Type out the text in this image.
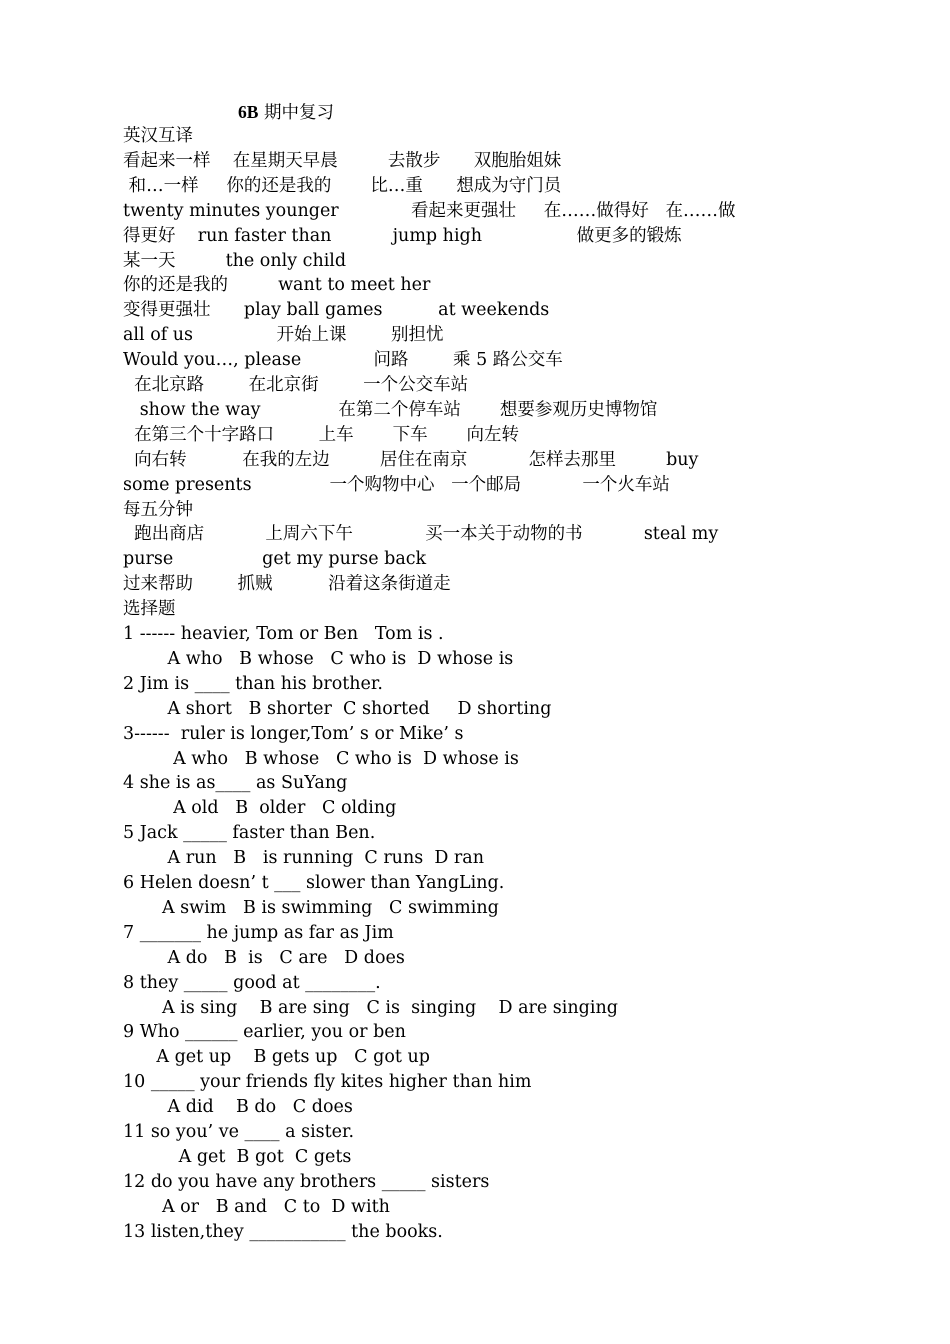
6B 期中复习
英汉互译
看起来一样    在星期天早晨         去散步      双胞胎姐妹
和…一样     你的还是我的       比…重      想成为守门员
twenty minutes younger             看起来更强壮     在……做得好   在……做
得更好    run faster than           jump high                 做更多的锻炼
某一天         the only child
你的还是我的         want to meet her
变得更强壮      play ball games          at weekends
all of us               开始上课        别担忧
Would you…, please             问路        乘 5 路公交车
在北京路        在北京街        一个公交车站
show the way              在第二个停车站       想要参观历史博物馆
在第三个十字路口        上车       下车       向左转
向右转          在我的左边         居住在南京           怎样去那里         buy
some presents              一个购物中心   一个邮局           一个火车站
每五分钟
跑出商店           上周六下午             买一本关于动物的书           steal my
purse                get my purse back
过来帮助        抓贼          沿着这条街道走
选择题
1 ------ heavier, Tom or Ben   Tom is .
A who   B whose   C who is  D whose is
2 Jim is ____ than his brother.
A short   B shorter  C shorted     D shorting
3------  ruler is longer,Tom’ s or Mike’ s
A who   B whose   C who is  D whose is
4 she is as____ as SuYang
A old   B  older   C olding
5 Jack _____ faster than Ben.
A run   B   is running  C runs  D ran
6 Helen doesn’ t ___ slower than YangLing.
A swim   B is swimming   C swimming
7 _______ he jump as far as Jim
A do   B  is   C are   D does
8 they _____ good at ________.
A is sing    B are sing   C is  singing    D are singing
9 Who ______ earlier, you or ben
A get up    B gets up   C got up
10 _____ your friends fly kites higher than him
A did    B do   C does
11 so you’ ve ____ a sister.
A get  B got  C gets
12 do you have any brothers _____ sisters
A or   B and   C to  D with
13 listen,they ___________ the books.
